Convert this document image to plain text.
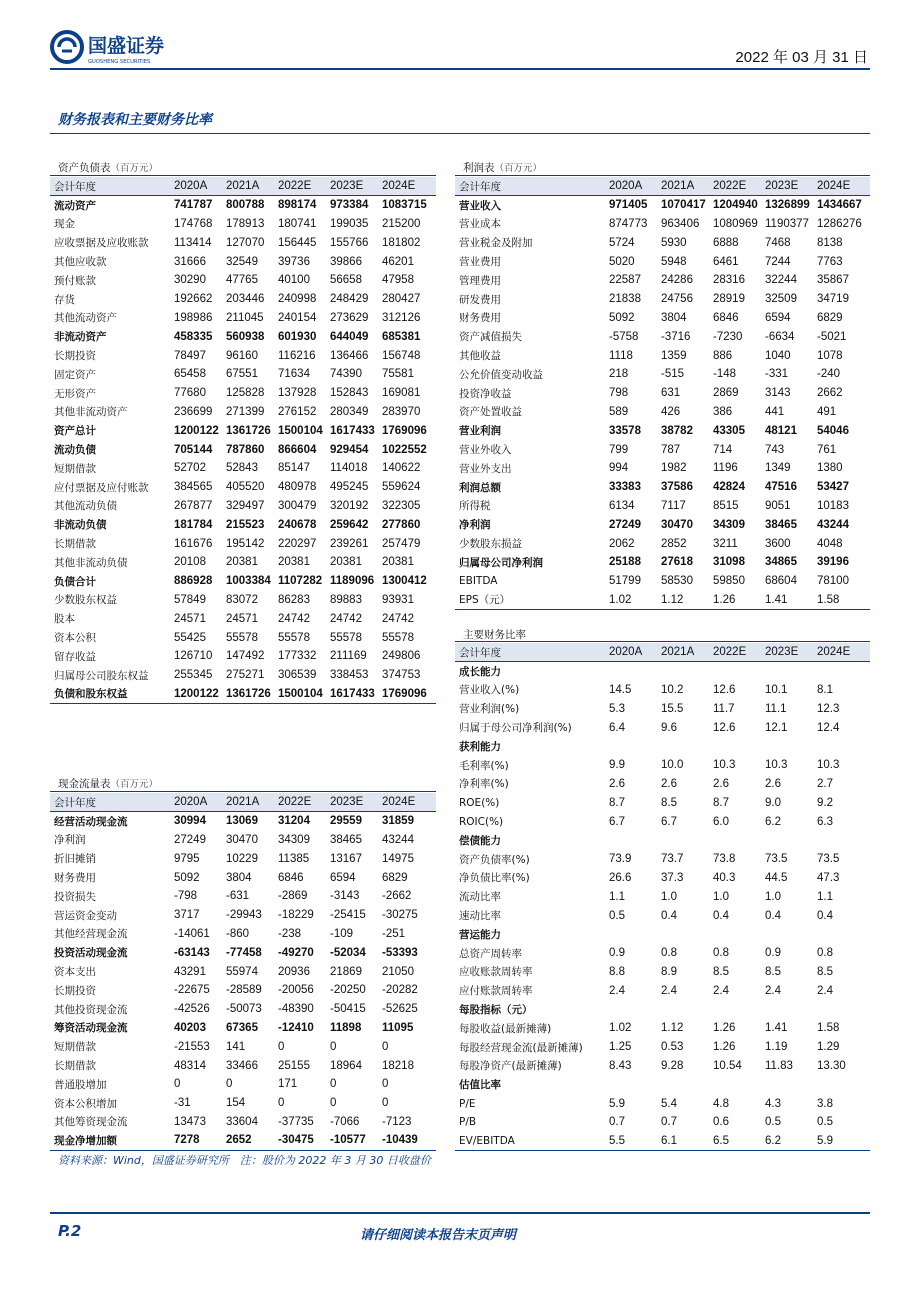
国盛证券
GUOSHENG SECURITIES	2022 年 03 月 31 日
财务报表和主要财务比率
资产负债表（百万元）
会计年度	2020A	2021A	2022E	2023E	2024E
流动资产	741787	800788	898174	973384	1083715
现金	174768	178913	180741	199035	215200
应收票据及应收账款	113414	127070	156445	155766	181802
其他应收款	31666	32549	39736	39866	46201
预付账款	30290	47765	40100	56658	47958
存货	192662	203446	240998	248429	280427
其他流动资产	198986	211045	240154	273629	312126
非流动资产	458335	560938	601930	644049	685381
长期投资	78497	96160	116216	136466	156748
固定资产	65458	67551	71634	74390	75581
无形资产	77680	125828	137928	152843	169081
其他非流动资产	236699	271399	276152	280349	283970
资产总计	1200122	1361726	1500104	1617433	1769096
流动负债	705144	787860	866604	929454	1022552
短期借款	52702	52843	85147	114018	140622
应付票据及应付账款	384565	405520	480978	495245	559624
其他流动负债	267877	329497	300479	320192	322305
非流动负债	181784	215523	240678	259642	277860
长期借款	161676	195142	220297	239261	257479
其他非流动负债	20108	20381	20381	20381	20381
负债合计	886928	1003384	1107282	1189096	1300412
少数股东权益	57849	83072	86283	89883	93931
股本	24571	24571	24742	24742	24742
资本公积	55425	55578	55578	55578	55578
留存收益	126710	147492	177332	211169	249806
归属母公司股东权益	255345	275271	306539	338453	374753
负债和股东权益	1200122	1361726	1500104	1617433	1769096
现金流量表（百万元）
会计年度	2020A	2021A	2022E	2023E	2024E
经营活动现金流	30994	13069	31204	29559	31859
净利润	27249	30470	34309	38465	43244
折旧摊销	9795	10229	11385	13167	14975
财务费用	5092	3804	6846	6594	6829
投资损失	-798	-631	-2869	-3143	-2662
营运资金变动	3717	-29943	-18229	-25415	-30275
其他经营现金流	-14061	-860	-238	-109	-251
投资活动现金流	-63143	-77458	-49270	-52034	-53393
资本支出	43291	55974	20936	21869	21050
长期投资	-22675	-28589	-20056	-20250	-20282
其他投资现金流	-42526	-50073	-48390	-50415	-52625
筹资活动现金流	40203	67365	-12410	11898	11095
短期借款	-21553	141	0	0	0
长期借款	48314	33466	25155	18964	18218
普通股增加	0	0	171	0	0
资本公积增加	-31	154	0	0	0
其他筹资现金流	13473	33604	-37735	-7066	-7123
现金净增加额	7278	2652	-30475	-10577	-10439
利润表（百万元）
会计年度	2020A	2021A	2022E	2023E	2024E
营业收入	971405	1070417	1204940	1326899	1434667
营业成本	874773	963406	1080969	1190377	1286276
营业税金及附加	5724	5930	6888	7468	8138
营业费用	5020	5948	6461	7244	7763
管理费用	22587	24286	28316	32244	35867
研发费用	21838	24756	28919	32509	34719
财务费用	5092	3804	6846	6594	6829
资产减值损失	-5758	-3716	-7230	-6634	-5021
其他收益	1118	1359	886	1040	1078
公允价值变动收益	218	-515	-148	-331	-240
投资净收益	798	631	2869	3143	2662
资产处置收益	589	426	386	441	491
营业利润	33578	38782	43305	48121	54046
营业外收入	799	787	714	743	761
营业外支出	994	1982	1196	1349	1380
利润总额	33383	37586	42824	47516	53427
所得税	6134	7117	8515	9051	10183
净利润	27249	30470	34309	38465	43244
少数股东损益	2062	2852	3211	3600	4048
归属母公司净利润	25188	27618	31098	34865	39196
EBITDA	51799	58530	59850	68604	78100
EPS（元）	1.02	1.12	1.26	1.41	1.58
主要财务比率
会计年度	2020A	2021A	2022E	2023E	2024E
成长能力					
营业收入(%)	14.5	10.2	12.6	10.1	8.1
营业利润(%)	5.3	15.5	11.7	11.1	12.3
归属于母公司净利润(%)	6.4	9.6	12.6	12.1	12.4
获利能力					
毛利率(%)	9.9	10.0	10.3	10.3	10.3
净利率(%)	2.6	2.6	2.6	2.6	2.7
ROE(%)	8.7	8.5	8.7	9.0	9.2
ROIC(%)	6.7	6.7	6.0	6.2	6.3
偿债能力					
资产负债率(%)	73.9	73.7	73.8	73.5	73.5
净负债比率(%)	26.6	37.3	40.3	44.5	47.3
流动比率	1.1	1.0	1.0	1.0	1.1
速动比率	0.5	0.4	0.4	0.4	0.4
营运能力					
总资产周转率	0.9	0.8	0.8	0.9	0.8
应收账款周转率	8.8	8.9	8.5	8.5	8.5
应付账款周转率	2.4	2.4	2.4	2.4	2.4
每股指标（元）					
每股收益(最新摊薄)	1.02	1.12	1.26	1.41	1.58
每股经营现金流(最新摊薄)	1.25	0.53	1.26	1.19	1.29
每股净资产(最新摊薄)	8.43	9.28	10.54	11.83	13.30
估值比率					
P/E	5.9	5.4	4.8	4.3	3.8
P/B	0.7	0.7	0.6	0.5	0.5
EV/EBITDA	5.5	6.1	6.5	6.2	5.9
资料来源：Wind，国盛证券研究所　注：股价为 2022 年 3 月 30 日收盘价
P.2	请仔细阅读本报告末页声明
